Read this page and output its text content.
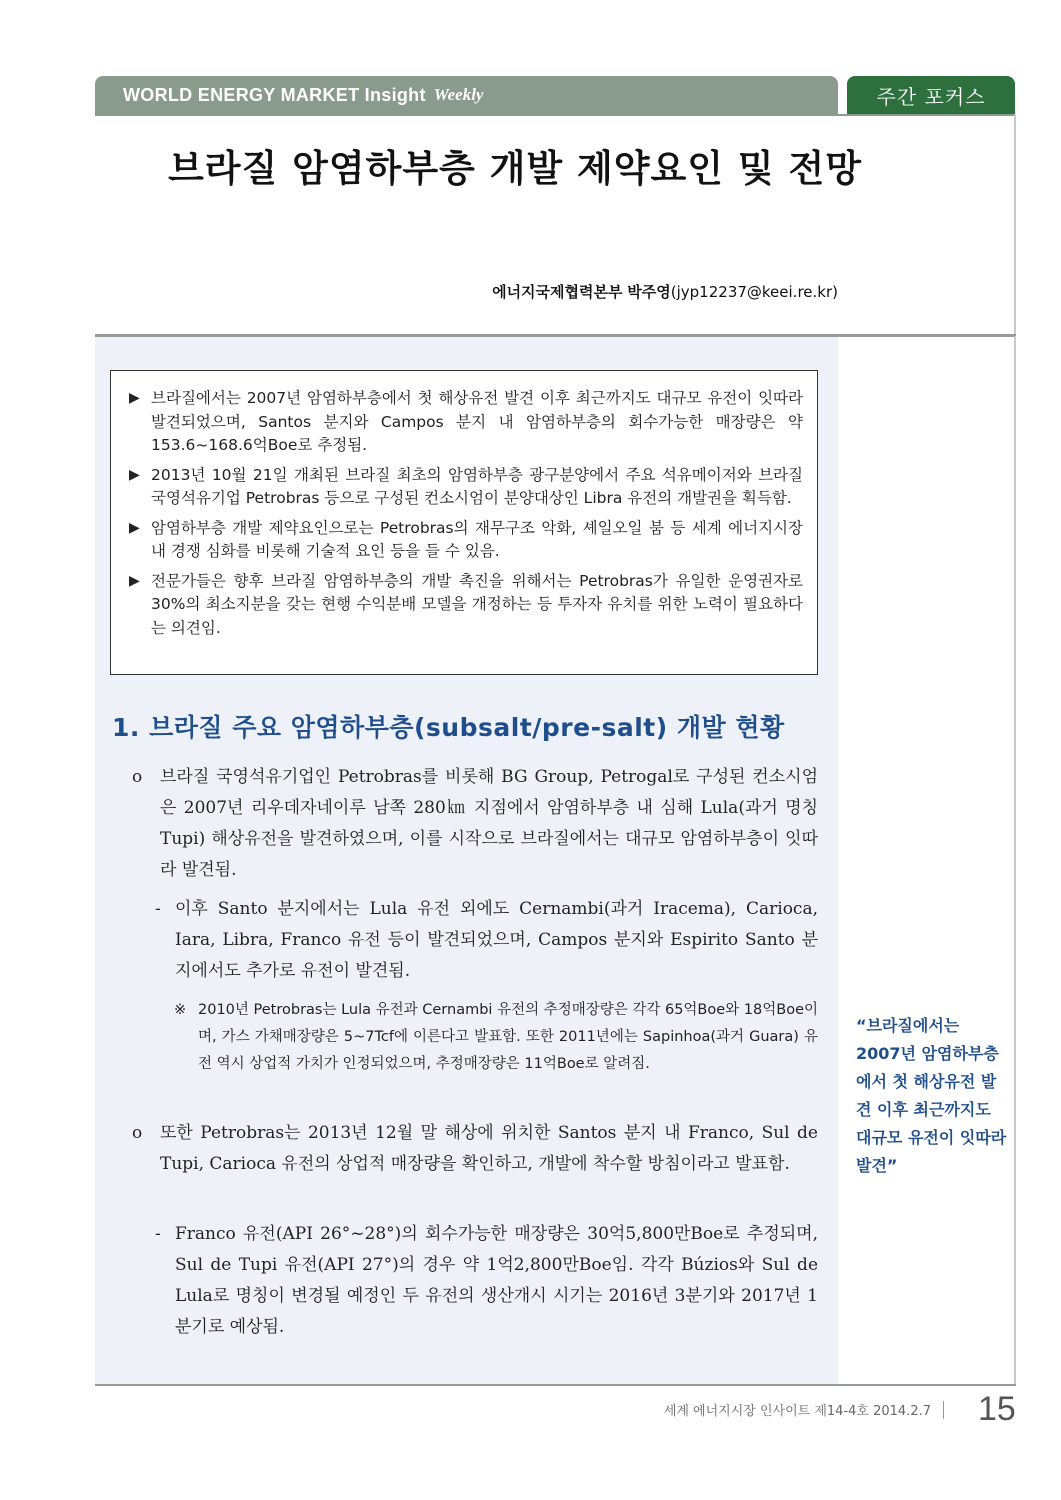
WORLD ENERGY MARKET Insight Weekly	주간 포커스
브라질 암염하부층 개발 제약요인 및 전망
에너지국제협력본부 박주영(jyp12237@keei.re.kr)
▶ 브라질에서는 2007년 암염하부층에서 첫 해상유전 발견 이후 최근까지도 대규모 유전이 잇따라 발견되었으며, Santos 분지와 Campos 분지 내 암염하부층의 회수가능한 매장량은 약 153.6~168.6억Boe로 추정됨.
▶ 2013년 10월 21일 개최된 브라질 최초의 암염하부층 광구분양에서 주요 석유메이저와 브라질 국영석유기업 Petrobras 등으로 구성된 컨소시엄이 분양대상인 Libra 유전의 개발권을 획득함.
▶ 암염하부층 개발 제약요인으로는 Petrobras의 재무구조 악화, 셰일오일 붐 등 세계 에너지시장 내 경쟁 심화를 비롯해 기술적 요인 등을 들 수 있음.
▶ 전문가들은 향후 브라질 암염하부층의 개발 촉진을 위해서는 Petrobras가 유일한 운영권자로 30%의 최소지분을 갖는 현행 수익분배 모델을 개정하는 등 투자자 유치를 위한 노력이 필요하다는 의견임.
1. 브라질 주요 암염하부층(subsalt/pre-salt) 개발 현황
o	브라질 국영석유기업인 Petrobras를 비롯해 BG Group, Petrogal로 구성된 컨소시엄은 2007년 리우데자네이루 남쪽 280㎞ 지점에서 암염하부층 내 심해 Lula(과거 명칭 Tupi) 해상유전을 발견하였으며, 이를 시작으로 브라질에서는 대규모 암염하부층이 잇따라 발견됨.
- 이후 Santo 분지에서는 Lula 유전 외에도 Cernambi(과거 Iracema), Carioca, Iara, Libra, Franco 유전 등이 발견되었으며, Campos 분지와 Espirito Santo 분지에서도 추가로 유전이 발견됨.
※ 2010년 Petrobras는 Lula 유전과 Cernambi 유전의 추정매장량은 각각 65억Boe와 18억Boe이며, 가스 가채매장량은 5~7Tcf에 이른다고 발표함. 또한 2011년에는 Sapinhoa(과거 Guara) 유전 역시 상업적 가치가 인정되었으며, 추정매장량은 11억Boe로 알려짐.
o	또한 Petrobras는 2013년 12월 말 해상에 위치한 Santos 분지 내 Franco, Sul de Tupi, Carioca 유전의 상업적 매장량을 확인하고, 개발에 착수할 방침이라고 발표함.
- Franco 유전(API 26°~28°)의 회수가능한 매장량은 30억5,800만Boe로 추정되며, Sul de Tupi 유전(API 27°)의 경우 약 1억2,800만Boe임. 각각 Búzios와 Sul de Lula로 명칭이 변경될 예정인 두 유전의 생산개시 시기는 2016년 3분기와 2017년 1분기로 예상됨.
“브라질에서는 2007년 암염하부층에서 첫 해상유전 발견 이후 최근까지도 대규모 유전이 잇따라 발견”
세계 에너지시장 인사이트 제14-4호 2014.2.7 15
